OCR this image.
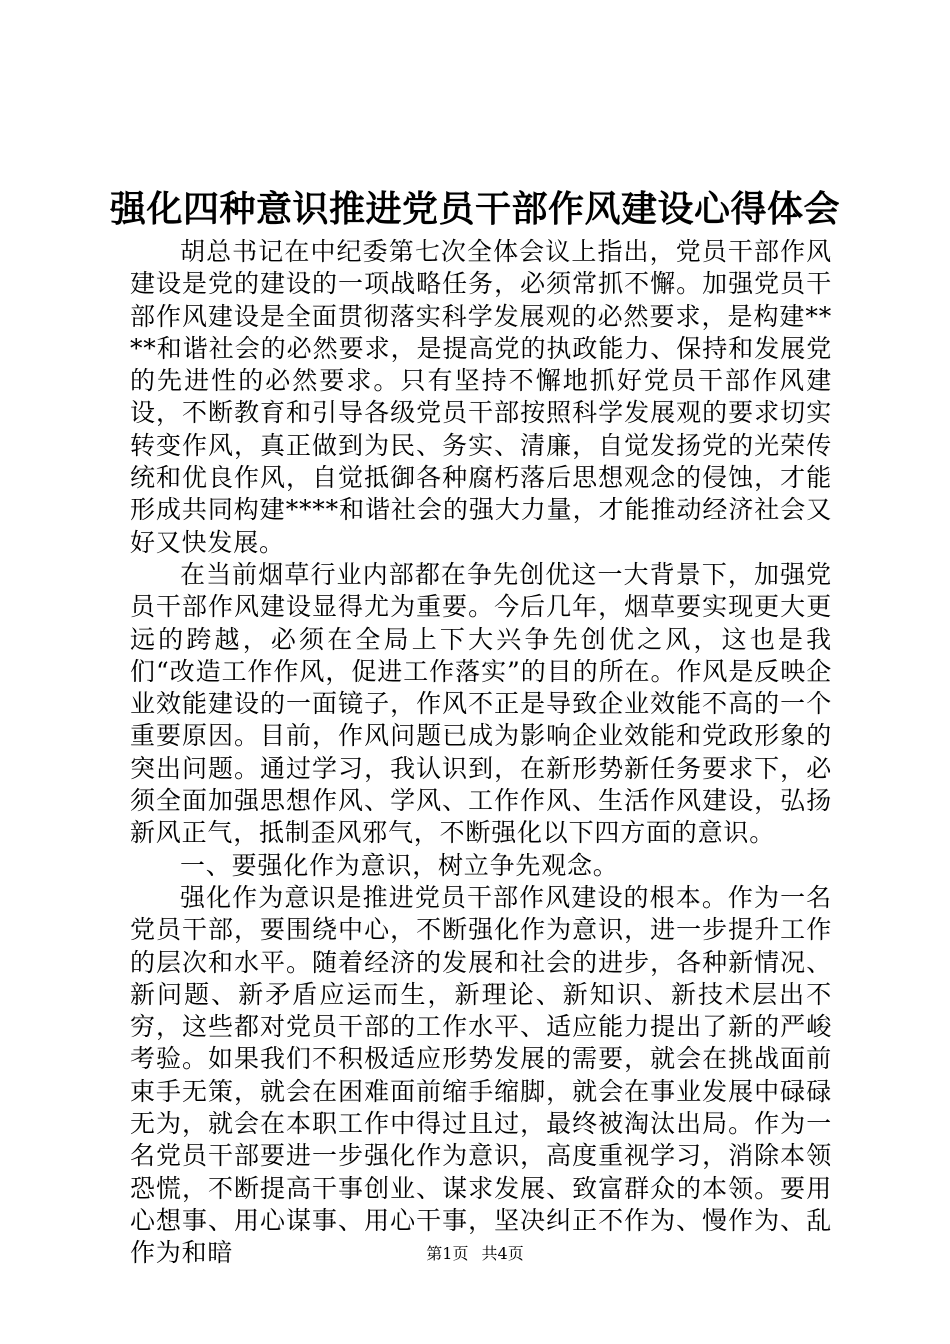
强化四种意识推进党员干部作风建设心得体会

胡总书记在中纪委第七次全体会议上指出，党员干部作风建设是党的建设的一项战略任务，必须常抓不懈。加强党员干部作风建设是全面贯彻落实科学发展观的必然要求，是构建****和谐社会的必然要求，是提高党的执政能力、保持和发展党的先进性的必然要求。只有坚持不懈地抓好党员干部作风建设，不断教育和引导各级党员干部按照科学发展观的要求切实转变作风，真正做到为民、务实、清廉，自觉发扬党的光荣传统和优良作风，自觉抵御各种腐朽落后思想观念的侵蚀，才能形成共同构建****和谐社会的强大力量，才能推动经济社会又好又快发展。

在当前烟草行业内部都在争先创优这一大背景下，加强党员干部作风建设显得尤为重要。今后几年，烟草要实现更大更远的跨越，必须在全局上下大兴争先创优之风，这也是我们“改造工作作风，促进工作落实”的目的所在。作风是反映企业效能建设的一面镜子，作风不正是导致企业效能不高的一个重要原因。目前，作风问题已成为影响企业效能和党政形象的突出问题。通过学习，我认识到，在新形势新任务要求下，必须全面加强思想作风、学风、工作作风、生活作风建设，弘扬新风正气，抵制歪风邪气，不断强化以下四方面的意识。

一、要强化作为意识，树立争先观念。

强化作为意识是推进党员干部作风建设的根本。作为一名党员干部，要围绕中心，不断强化作为意识，进一步提升工作的层次和水平。随着经济的发展和社会的进步，各种新情况、新问题、新矛盾应运而生，新理论、新知识、新技术层出不穷，这些都对党员干部的工作水平、适应能力提出了新的严峻考验。如果我们不积极适应形势发展的需要，就会在挑战面前束手无策，就会在困难面前缩手缩脚，就会在事业发展中碌碌无为，就会在本职工作中得过且过，最终被淘汰出局。作为一名党员干部要进一步强化作为意识，高度重视学习，消除本领恐慌，不断提高干事创业、谋求发展、致富群众的本领。要用心想事、用心谋事、用心干事，坚决纠正不作为、慢作为、乱作为和暗	第1页 共4页
